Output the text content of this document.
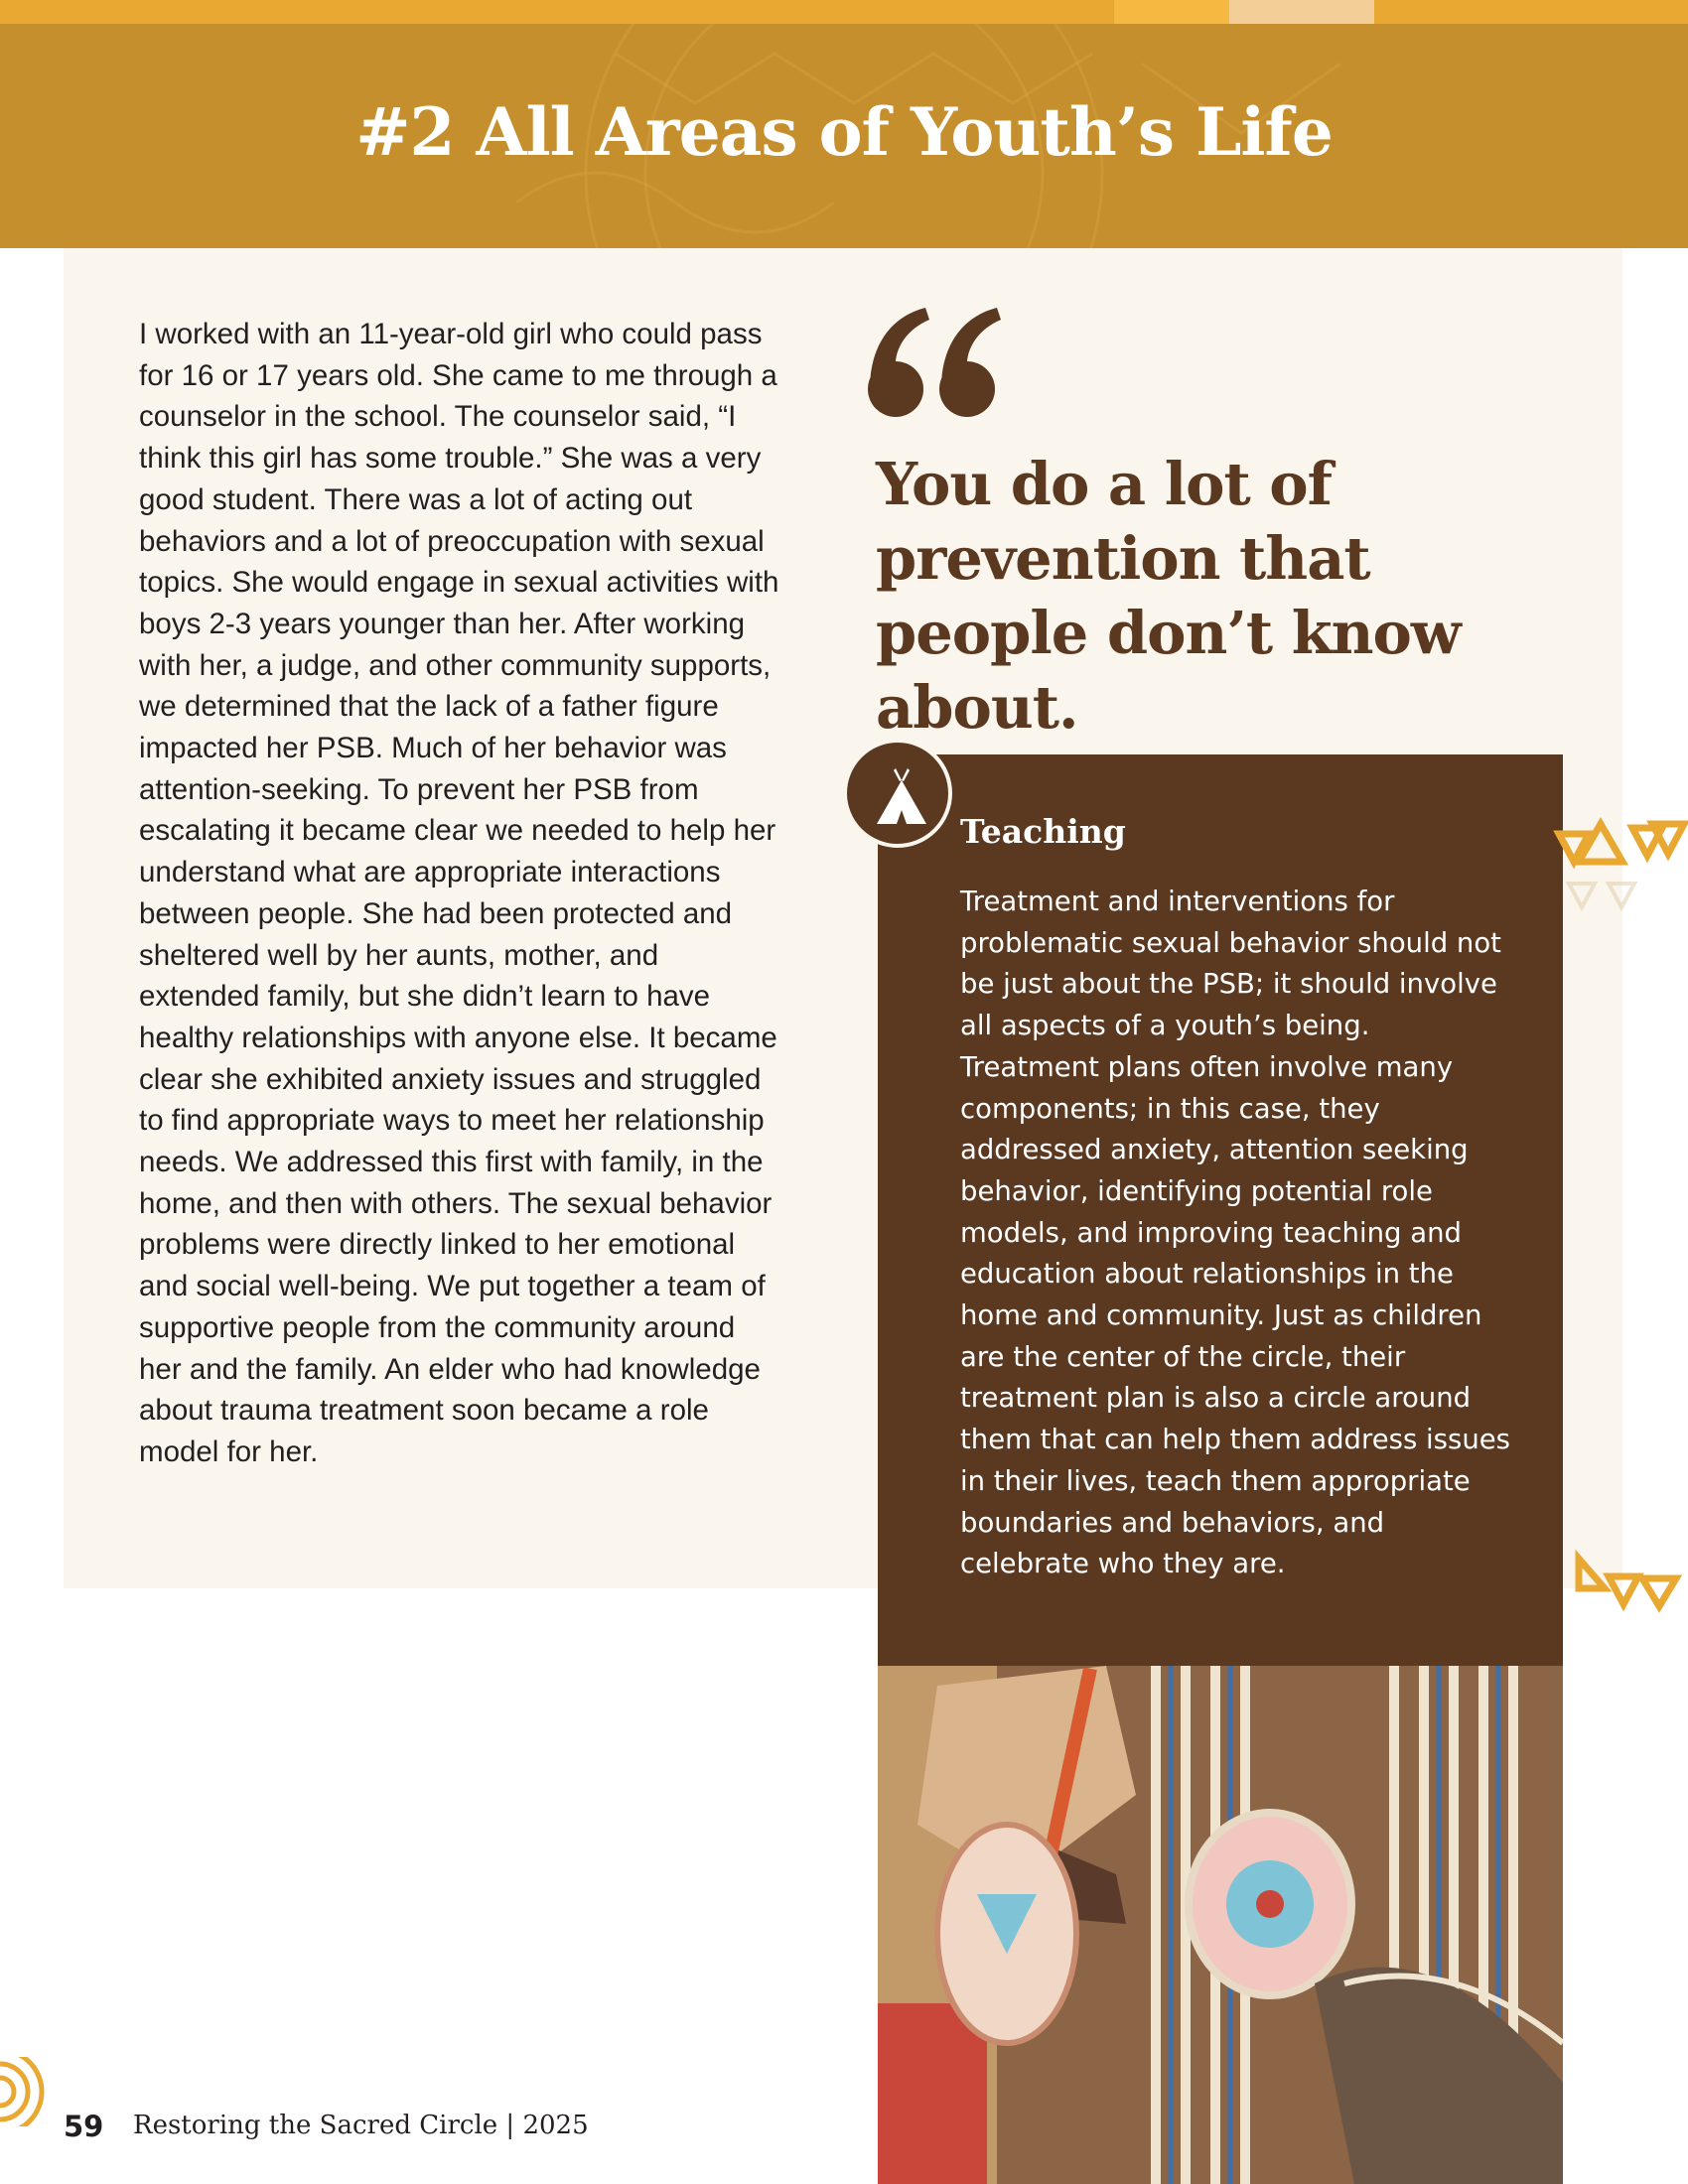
#2 All Areas of Youth’s Life
I worked with an 11-year-old girl who could pass for 16 or 17 years old. She came to me through a counselor in the school. The counselor said, “I think this girl has some trouble.” She was a very good student. There was a lot of acting out behaviors and a lot of preoccupation with sexual topics. She would engage in sexual activities with boys 2-3 years younger than her. After working with her, a judge, and other community supports, we determined that the lack of a father figure impacted her PSB. Much of her behavior was attention-seeking. To prevent her PSB from escalating it became clear we needed to help her understand what are appropriate interactions between people. She had been protected and sheltered well by her aunts, mother, and extended family, but she didn’t learn to have healthy relationships with anyone else. It became clear she exhibited anxiety issues and struggled to find appropriate ways to meet her relationship needs. We addressed this first with family, in the home, and then with others. The sexual behavior problems were directly linked to her emotional and social well-being. We put together a team of supportive people from the community around her and the family. An elder who had knowledge about trauma treatment soon became a role model for her.
You do a lot of prevention that people don’t know about.
Teaching
Treatment and interventions for problematic sexual behavior should not be just about the PSB; it should involve all aspects of a youth’s being. Treatment plans often involve many components; in this case, they addressed anxiety, attention seeking behavior, identifying potential role models, and improving teaching and education about relationships in the home and community. Just as children are the center of the circle, their treatment plan is also a circle around them that can help them address issues in their lives, teach them appropriate boundaries and behaviors, and celebrate who they are.
59 Restoring the Sacred Circle | 2025
